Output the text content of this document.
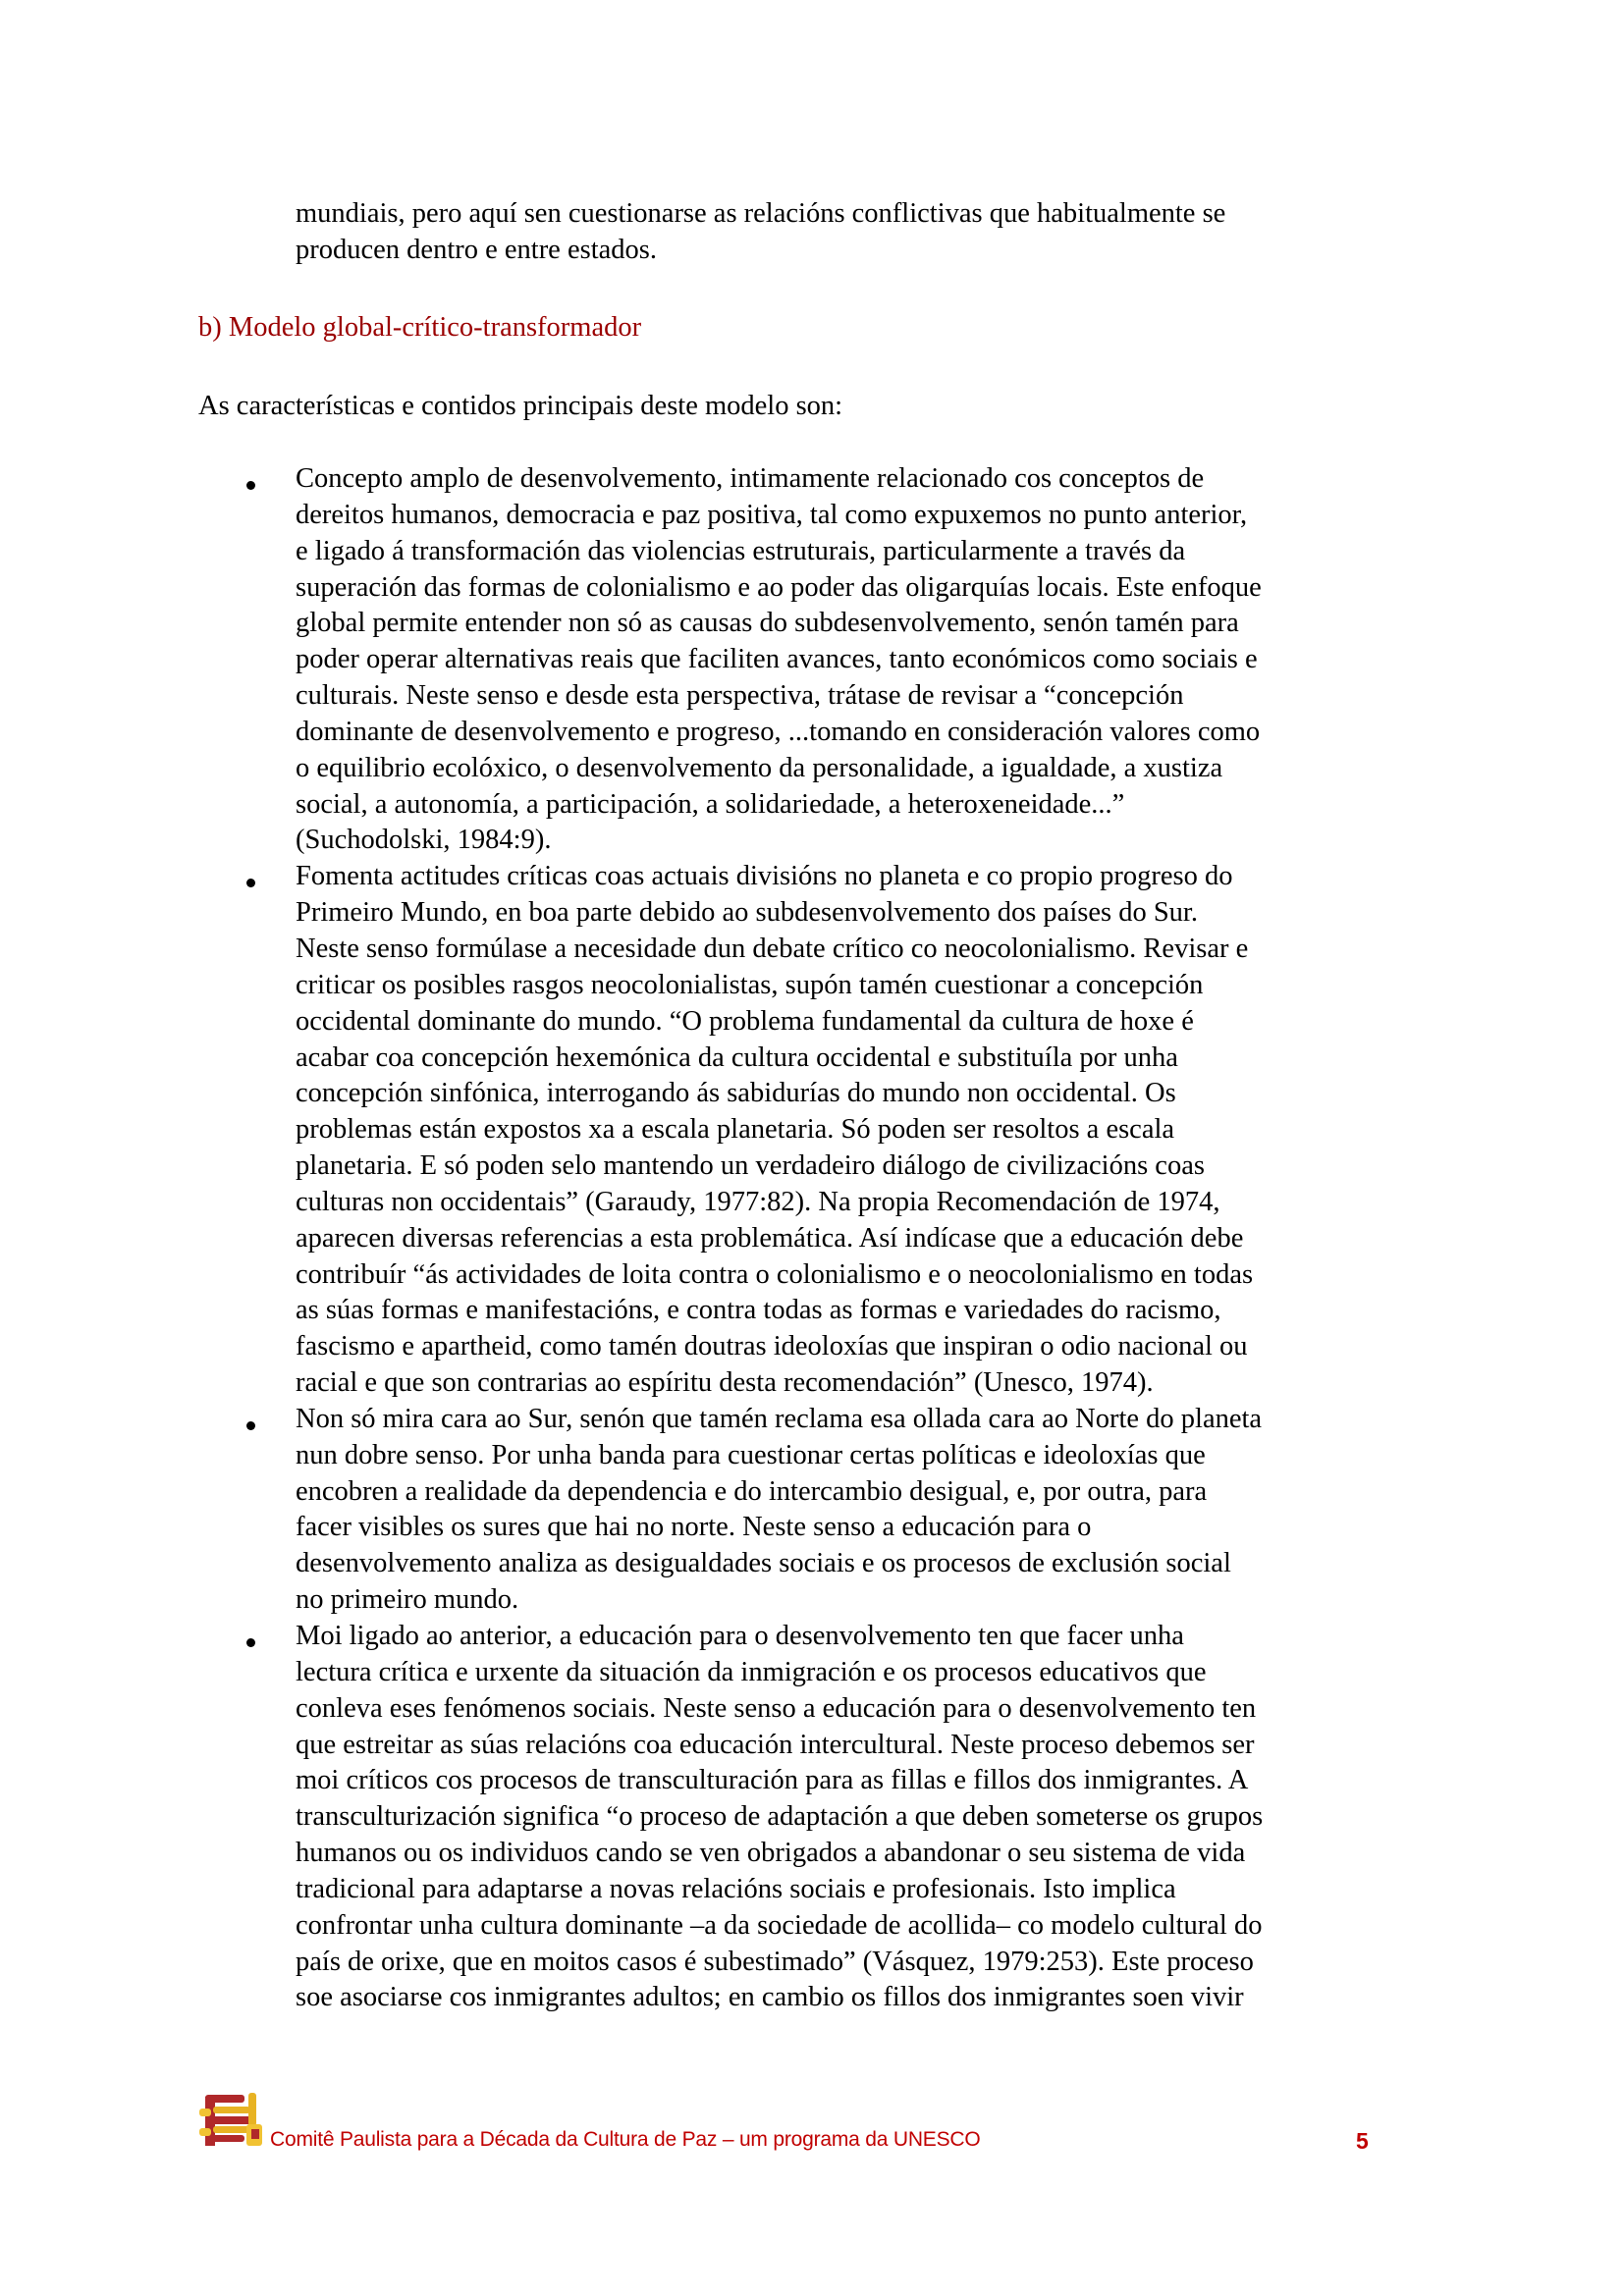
mundiais, pero aquí sen cuestionarse as relacións conflictivas que habitualmente se
producen dentro e entre estados.
b) Modelo global-crítico-transformador
As características e contidos principais deste modelo son:
Concepto amplo de desenvolvemento, intimamente relacionado cos conceptos de
dereitos humanos, democracia e paz positiva, tal como expuxemos no punto anterior,
e ligado á transformación das violencias estruturais, particularmente a través da
superación das formas de colonialismo e ao poder das oligarquías locais. Este enfoque
global permite entender non só as causas do subdesenvolvemento, senón tamén para
poder operar alternativas reais que faciliten avances, tanto económicos como sociais e
culturais. Neste senso e desde esta perspectiva, trátase de revisar a “concepción
dominante de desenvolvemento e progreso, ...tomando en consideración valores como
o equilibrio ecolóxico, o desenvolvemento da personalidade, a igualdade, a xustiza
social, a autonomía, a participación, a solidariedade, a heteroxeneidade...”
(Suchodolski, 1984:9).
Fomenta actitudes críticas coas actuais divisións no planeta e co propio progreso do
Primeiro Mundo, en boa parte debido ao subdesenvolvemento dos países do Sur.
Neste senso formúlase a necesidade dun debate crítico co neocolonialismo. Revisar e
criticar os posibles rasgos neocolonialistas, supón tamén cuestionar a concepción
occidental dominante do mundo. “O problema fundamental da cultura de hoxe é
acabar coa concepción hexemónica da cultura occidental e substituíla por unha
concepción sinfónica, interrogando ás sabidurías do mundo non occidental. Os
problemas están expostos xa a escala planetaria. Só poden ser resoltos a escala
planetaria. E só poden selo mantendo un verdadeiro diálogo de civilizacións coas
culturas non occidentais” (Garaudy, 1977:82). Na propia Recomendación de 1974,
aparecen diversas referencias a esta problemática. Así indícase que a educación debe
contribuír “ás actividades de loita contra o colonialismo e o neocolonialismo en todas
as súas formas e manifestacións, e contra todas as formas e variedades do racismo,
fascismo e apartheid, como tamén doutras ideoloxías que inspiran o odio nacional ou
racial e que son contrarias ao espíritu desta recomendación” (Unesco, 1974).
Non só mira cara ao Sur, senón que tamén reclama esa ollada cara ao Norte do planeta
nun dobre senso. Por unha banda para cuestionar certas políticas e ideoloxías que
encobren a realidade da dependencia e do intercambio desigual, e, por outra, para
facer visibles os sures que hai no norte. Neste senso a educación para o
desenvolvemento analiza as desigualdades sociais e os procesos de exclusión social
no primeiro mundo.
Moi ligado ao anterior, a educación para o desenvolvemento ten que facer unha
lectura crítica e urxente da situación da inmigración e os procesos educativos que
conleva eses fenómenos sociais. Neste senso a educación para o desenvolvemento ten
que estreitar as súas relacións coa educación intercultural. Neste proceso debemos ser
moi críticos cos procesos de transculturación para as fillas e fillos dos inmigrantes. A
transculturización significa “o proceso de adaptación a que deben someterse os grupos
humanos ou os individuos cando se ven obrigados a abandonar o seu sistema de vida
tradicional para adaptarse a novas relacións sociais e profesionais. Isto implica
confrontar unha cultura dominante –a da sociedade de acollida– co modelo cultural do
país de orixe, que en moitos casos é subestimado” (Vásquez, 1979:253). Este proceso
soe asociarse cos inmigrantes adultos; en cambio os fillos dos inmigrantes soen vivir
Comitê Paulista para a Década da Cultura de Paz – um programa da UNESCO	5
